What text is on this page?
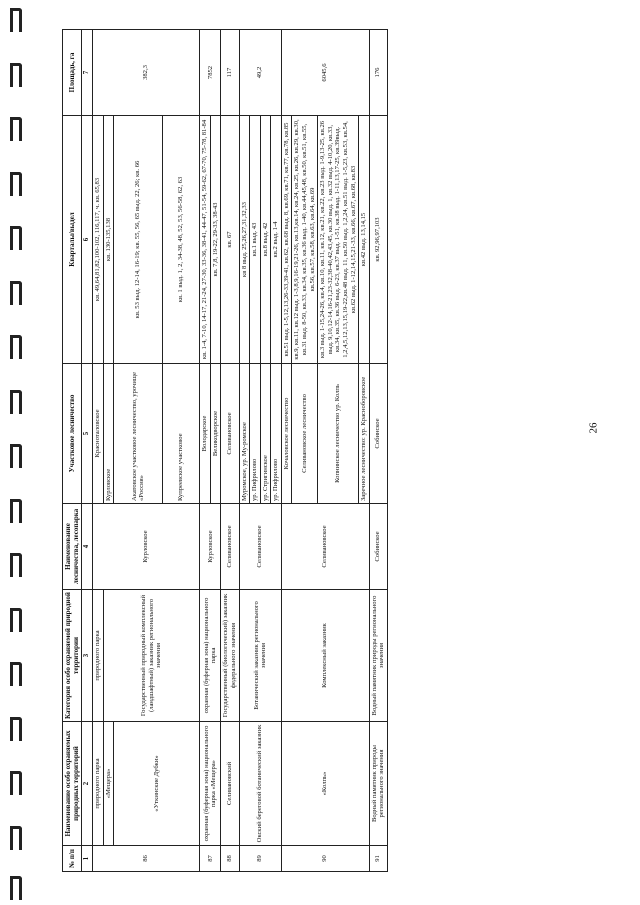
26
№ п/п	Наименование особо охраняемых природных территорий	Категория особо охраняемой природной территории	Наименование лесничества, лесопарка	Участковое лесничество	Кварталы/выдел	Площадь, га
1	2	3	4	5	6	7
86	природного парка	природного парка	Курловское	Красноталовское	кв. 49,64,81,82,100-102, 116,117, ч. кв. 65,83	382,3
	«Мещера»	Государственный природный комплексный (ландшафтный) заказник регионального значения		Курловское	кв. 130-135,138	
	«Уткинские Дубки»			Акатовское участковое лесничество, урочище «Россия»	кв. 53 выд. 12-14, 16-19; кв. 55, 56, 65 выд. 22, 26; кв. 66	
				Купреевское участковое	кв. 1 выд. 1, 2, 34-38, 48, 52, 53, 56-58, 62, 63	

87	охранная (буферная зона) национального парка «Мещера»	охранная (буферная зона) национального парка	Курловское	Володарское	кв. 1-4, 7-10, 14-17, 21-24, 27-30, 33-36, 38-41, 44-47, 51-54, 59-62, 67-70, 75-78, 81-84	7852
				Великодворское	кв. 7,8, 19-22, 29-33, 38-43	
88	Селивановский	Государственный (биологический) заказник федерального значения	Селивановское	Селивановское	кв. 67	117
89	Окский береговой ботанический заказник	Ботанический заказник регионального значения	Селивановское	Муромское, ур. Му-ромское	кв 8 выд. 25,26,27,31,32,33	49,2
				ур. Пифрилово	кв.1 выд. 43	
				ур. Стригинское	кв.8 выд. 42	
				ур. Пифрилово	кв.2 выд. 1-4	
90	«Колпь»	Комплексный заказник	Селивановское	Кочаловское лесничество	кв.51 выд. 1-5,12,13,26-33,39-41, кв.62, кв.68 выд. 8, кв.69, кв.71, кв.77, кв.78, кв.85	6045,6
				Селивановское лесничество	кв.9, кв.11, кв.12 выд. 1-3,8,9,16-19,21-26, кв.13,кв.14, кв.24, кв.25, кв.26, кв.29, кв.30, кв.31 выд. 8-50, кв.33, кв.34, кв.35, кв.36 выд. 1-40, кв.44,45,48, кв.50, кв.51, кв.55, кв.56, кв.57, кв.58, кв.63, кв.64, кв.69	
				Копнинское лесничество ур. Колпь	кв.3 выд. 1-15,24-26, кв.4, кв.10, кв.11, кв.12, кв.21, кв.22, кв.23 выд. 1-9,13-25, кв.26 выд. 9,10,12-14,16-21,23-32,38-40,42,43,45, кв.30 выд. 1, кв.32 выд. 4-10,20, кв.33, кв.34, кв.35, кв.36 выд. 6-23, кв.37 выд. 1-51, кв.38 выд. 1-11,13,17-25, кв.39выд. 1,2,4,5,12,13,15,19-22,кв.48 выд. 11, кв.50 выд. 1,2,24, кв.51 выд. 1-5,23, кв.53, кв.54, кв.62 выд. 1-12,14,15,21-33, кв.66, кв.67, кв.68, кв.83	
				Заречное лесничество: ур. Красноборовское	кв.42 выд. 13,14,15	
91	Водный памятник природы регионального значения	Водный памятник природы регионального значения	Собинское	Собинское	кв. 92,96,97,103	176
